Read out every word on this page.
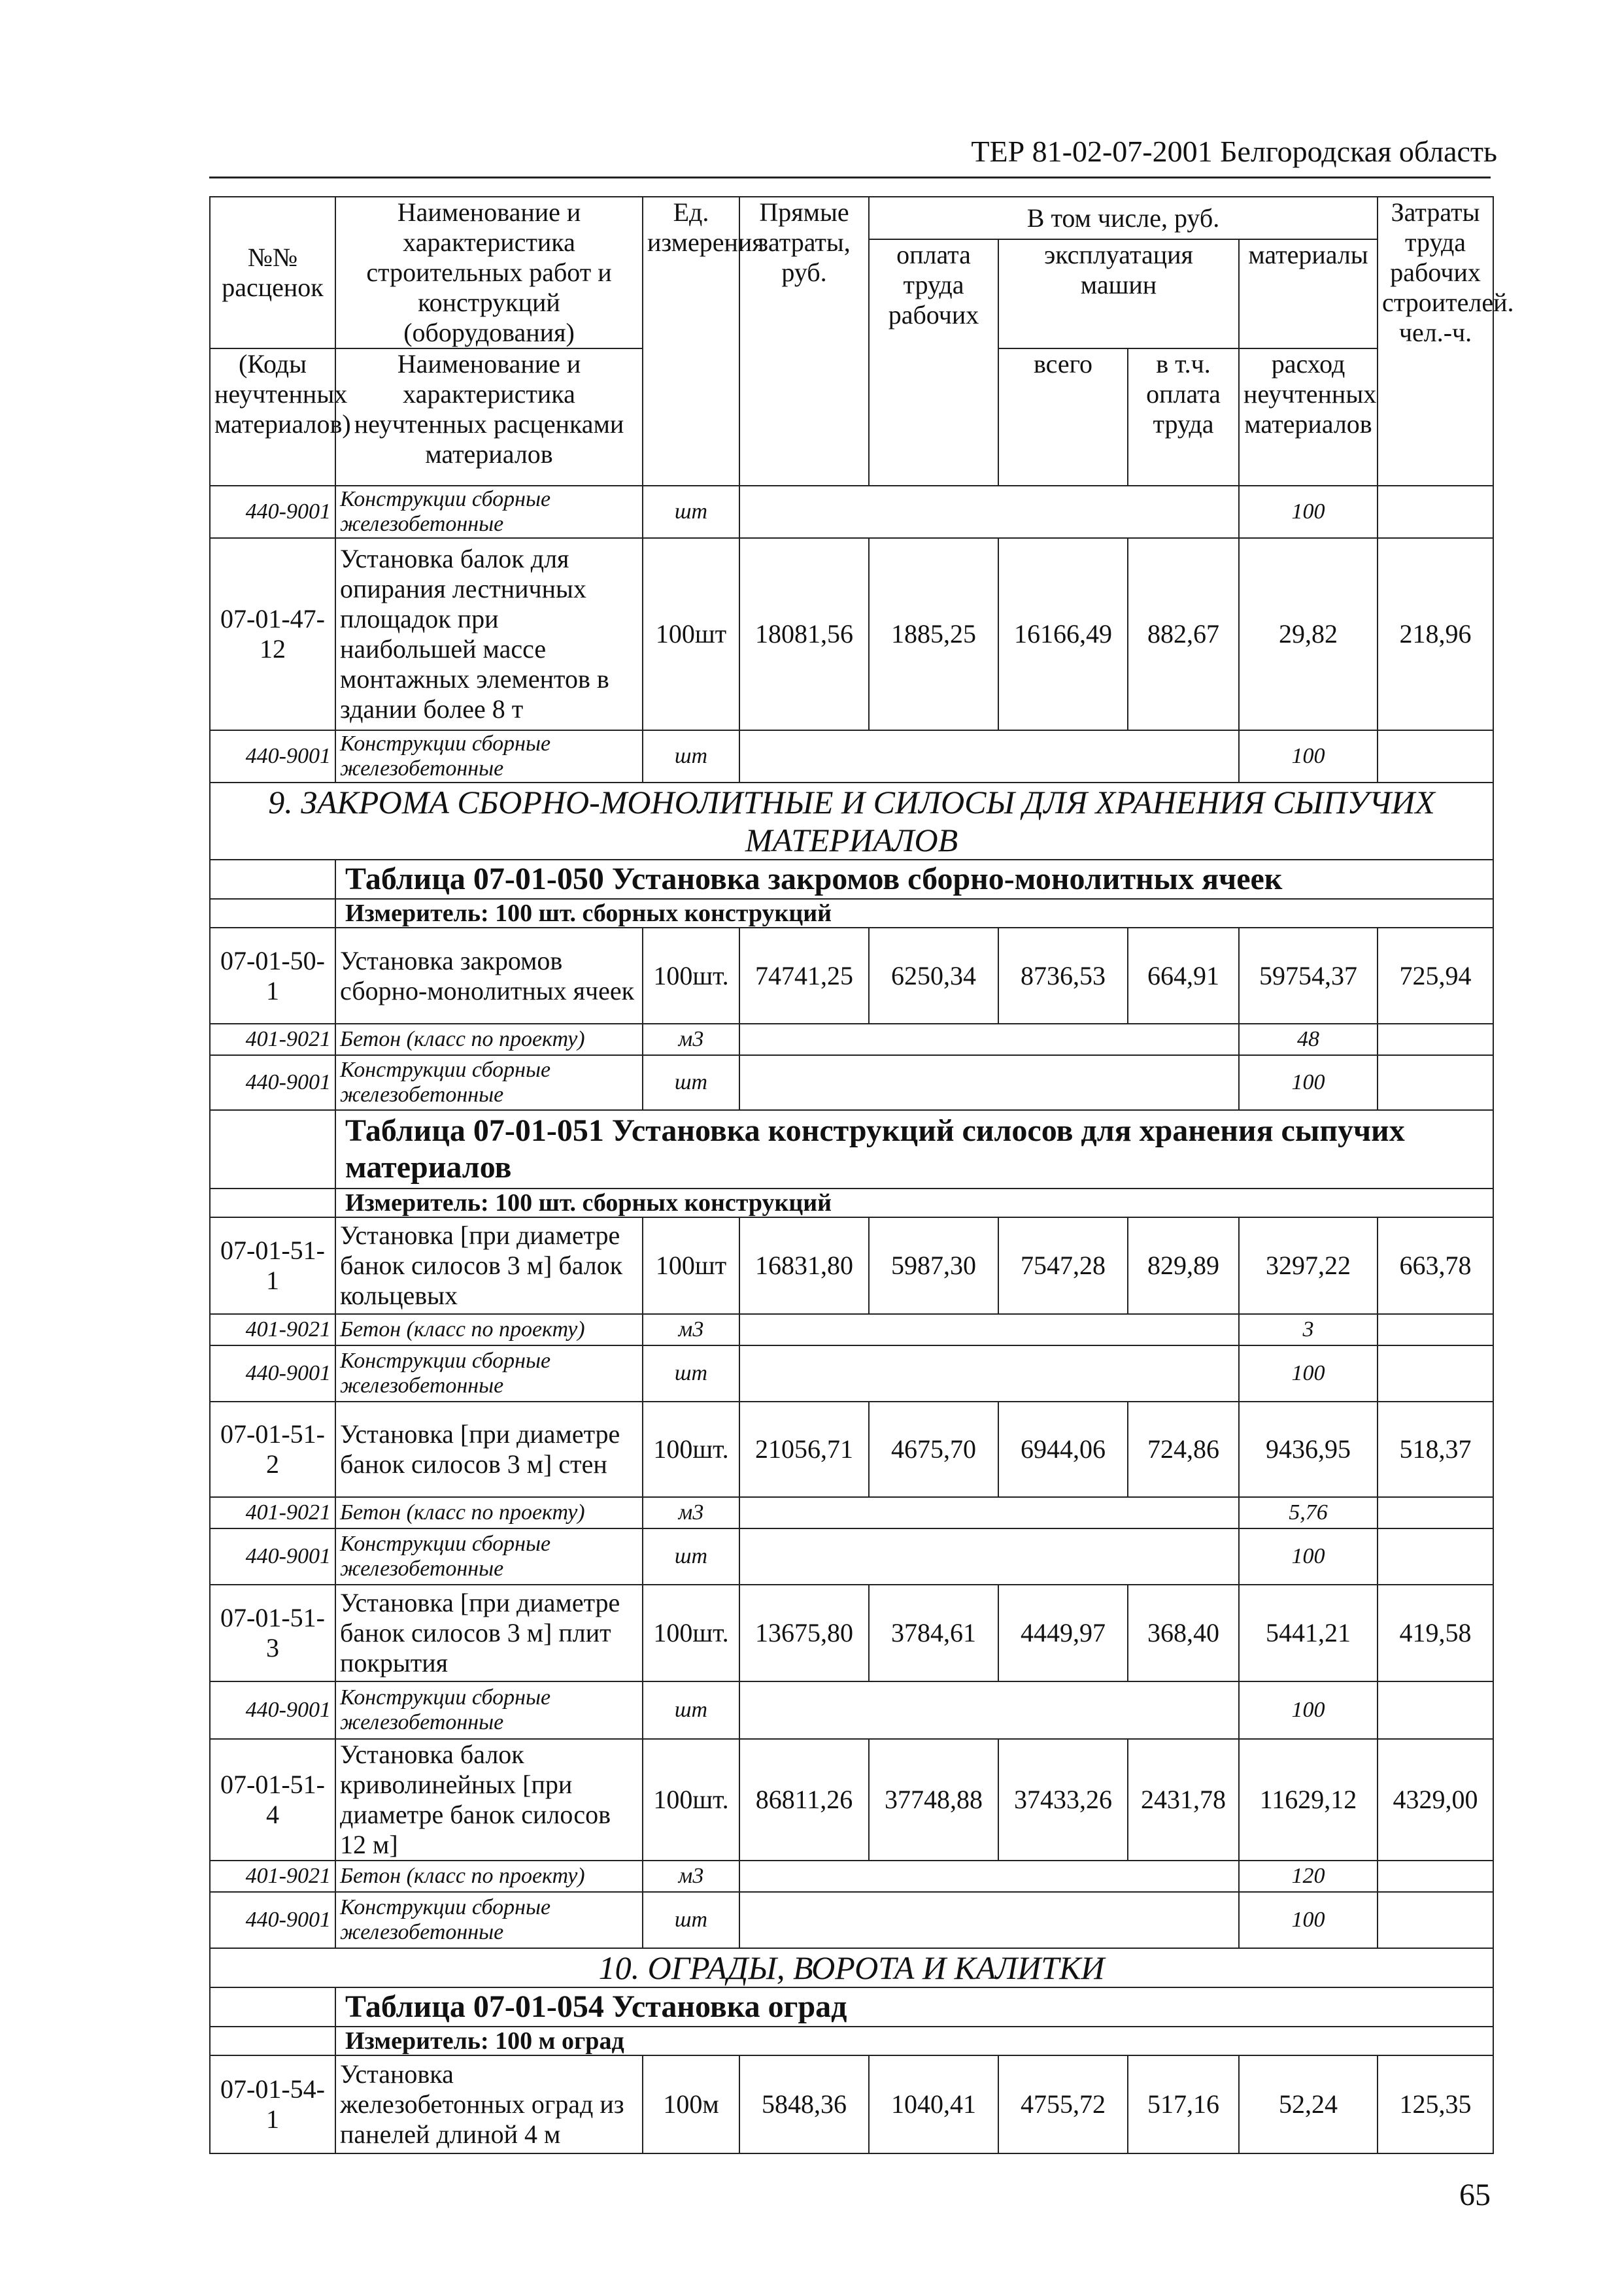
ТЕР 81-02-07-2001 Белгородская область
№№ расценок	Наименование и характеристика строительных работ и конструкций (оборудования)	Ед. измерения	Прямые затраты, руб.	В том числе, руб.				Затраты труда рабочих строителей. чел.-ч.
				оплата труда рабочих	эксплуатация машин		материалы	
(Коды неучтенных материалов)	Наименование и характеристика неучтенных расценками материалов				всего	в т.ч. оплата труда	расход неучтенных материалов	
440-9001	Конструкции сборные железобетонные	шт					100	
07-01-47-12	Установка балок для опирания лестничных площадок при наибольшей массе монтажных элементов в здании более 8 т	100шт	18081,56	1885,25	16166,49	882,67	29,82	218,96
440-9001	Конструкции сборные железобетонные	шт					100	
9. ЗАКРОМА СБОРНО-МОНОЛИТНЫЕ И СИЛОСЫ ДЛЯ ХРАНЕНИЯ СЫПУЧИХ МАТЕРИАЛОВ								
	Таблица 07-01-050 Установка закромов сборно-монолитных ячеек							
	Измеритель: 100 шт. сборных конструкций							
07-01-50-1	Установка закромов сборно-монолитных ячеек	100шт.	74741,25	6250,34	8736,53	664,91	59754,37	725,94
401-9021	Бетон (класс по проекту)	м3					48	
440-9001	Конструкции сборные железобетонные	шт					100	
	Таблица 07-01-051 Установка конструкций силосов для хранения сыпучих материалов							
	Измеритель: 100 шт. сборных конструкций							
07-01-51-1	Установка [при диаметре банок силосов 3 м] балок кольцевых	100шт	16831,80	5987,30	7547,28	829,89	3297,22	663,78
401-9021	Бетон (класс по проекту)	м3					3	
440-9001	Конструкции сборные железобетонные	шт					100	
07-01-51-2	Установка [при диаметре банок силосов 3 м] стен	100шт.	21056,71	4675,70	6944,06	724,86	9436,95	518,37
401-9021	Бетон (класс по проекту)	м3					5,76	
440-9001	Конструкции сборные железобетонные	шт					100	
07-01-51-3	Установка [при диаметре банок силосов 3 м] плит покрытия	100шт.	13675,80	3784,61	4449,97	368,40	5441,21	419,58
440-9001	Конструкции сборные железобетонные	шт					100	
07-01-51-4	Установка балок криволинейных [при диаметре банок силосов 12 м]	100шт.	86811,26	37748,88	37433,26	2431,78	11629,12	4329,00
401-9021	Бетон (класс по проекту)	м3					120	
440-9001	Конструкции сборные железобетонные	шт					100	
10. ОГРАДЫ, ВОРОТА И КАЛИТКИ								
	Таблица 07-01-054 Установка оград							
	Измеритель: 100 м оград							
07-01-54-1	Установка железобетонных оград из панелей длиной 4 м	100м	5848,36	1040,41	4755,72	517,16	52,24	125,35
65
